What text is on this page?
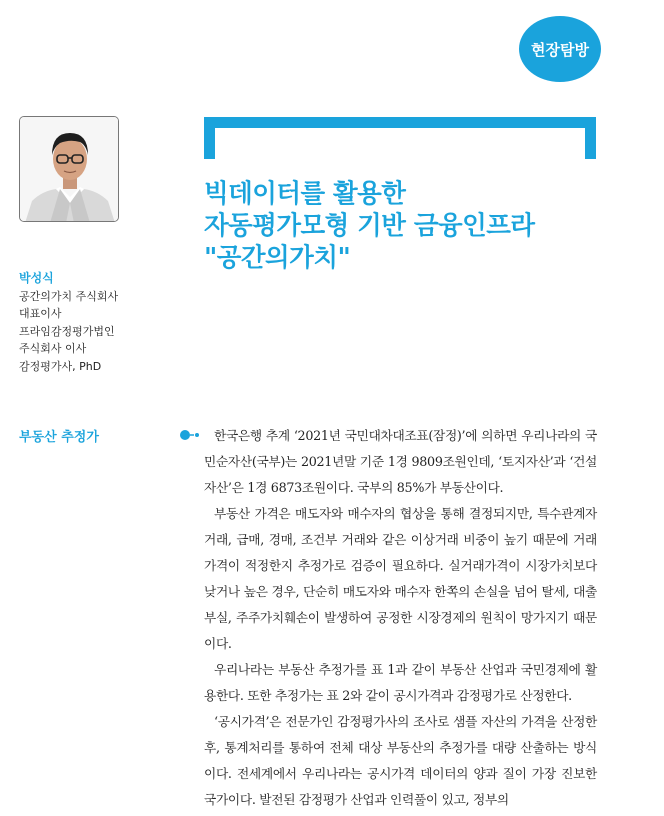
현장탐방
빅데이터를 활용한
자동평가모형 기반 금융인프라
"공간의가치"
박성식
공간의가치 주식회사
대표이사
프라임감정평가법인
주식회사 이사
감정평가사, PhD
부동산 추정가	한국은행 추계 ‘2021년 국민대차대조표(잠정)’에 의하면 우리나라의 국민순자산(국부)는 2021년말 기준 1경 9809조원인데, ‘토지자산’과 ‘건설자산’은 1경 6873조원이다. 국부의 85%가 부동산이다.

부동산 가격은 매도자와 매수자의 협상을 통해 결정되지만, 특수관계자 거래, 급매, 경매, 조건부 거래와 같은 이상거래 비중이 높기 때문에 거래가격이 적정한지 추정가로 검증이 필요하다. 실거래가격이 시장가치보다 낮거나 높은 경우, 단순히 매도자와 매수자 한쪽의 손실을 넘어 탈세, 대출부실, 주주가치훼손이 발생하여 공정한 시장경제의 원칙이 망가지기 때문이다.

우리나라는 부동산 추정가를 표 1과 같이 부동산 산업과 국민경제에 활용한다. 또한 추정가는 표 2와 같이 공시가격과 감정평가로 산정한다.

‘공시가격’은 전문가인 감정평가사의 조사로 샘플 자산의 가격을 산정한 후, 통계처리를 통하여 전체 대상 부동산의 추정가를 대량 산출하는 방식이다. 전세계에서 우리나라는 공시가격 데이터의 양과 질이 가장 진보한 국가이다. 발전된 감정평가 산업과 인력풀이 있고, 정부의
